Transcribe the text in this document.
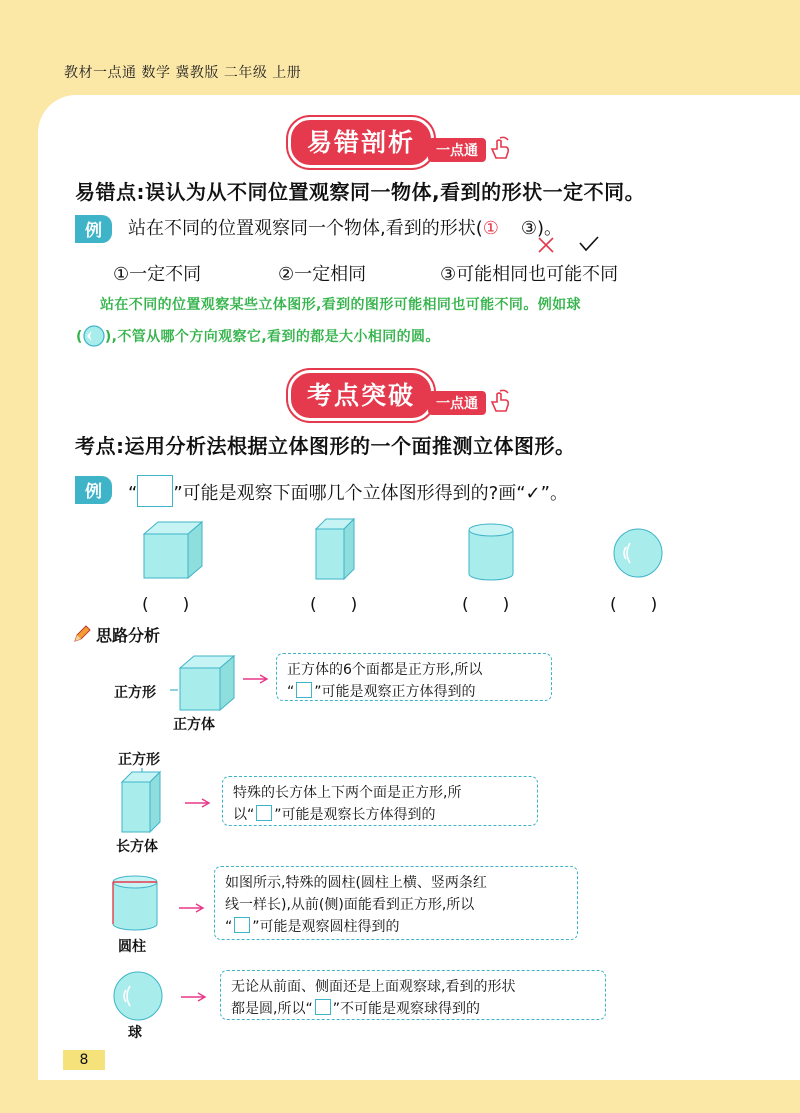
教材一点通 数学 冀教版 二年级 上册
易错剖析	一点通
易错点:误认为从不同位置观察同一物体,看到的形状一定不同。
例	站在不同的位置观察同一个物体,看到的形状(① ③)。
①一定不同	②一定相同	③可能相同也可能不同
站在不同的位置观察某些立体图形,看到的图形可能相同也可能不同。例如球
( ),不管从哪个方向观察它,看到的都是大小相同的圆。
考点突破	一点通
考点:运用分析法根据立体图形的一个面推测立体图形。
例	“ ”可能是观察下面哪几个立体图形得到的?画“✓”。
(　　)	(　　)	(　　)	(　　)
思路分析
正方形
正方体
正方体的6个面都是正方形,所以
“ ”可能是观察正方体得到的
正方形
长方体
特殊的长方体上下两个面是正方形,所
以“ ”可能是观察长方体得到的
圆柱
如图所示,特殊的圆柱(圆柱上横、竖两条红
线一样长),从前(侧)面能看到正方形,所以
“ ”可能是观察圆柱得到的
球
无论从前面、侧面还是上面观察球,看到的形状
都是圆,所以“ ”不可能是观察球得到的
8
